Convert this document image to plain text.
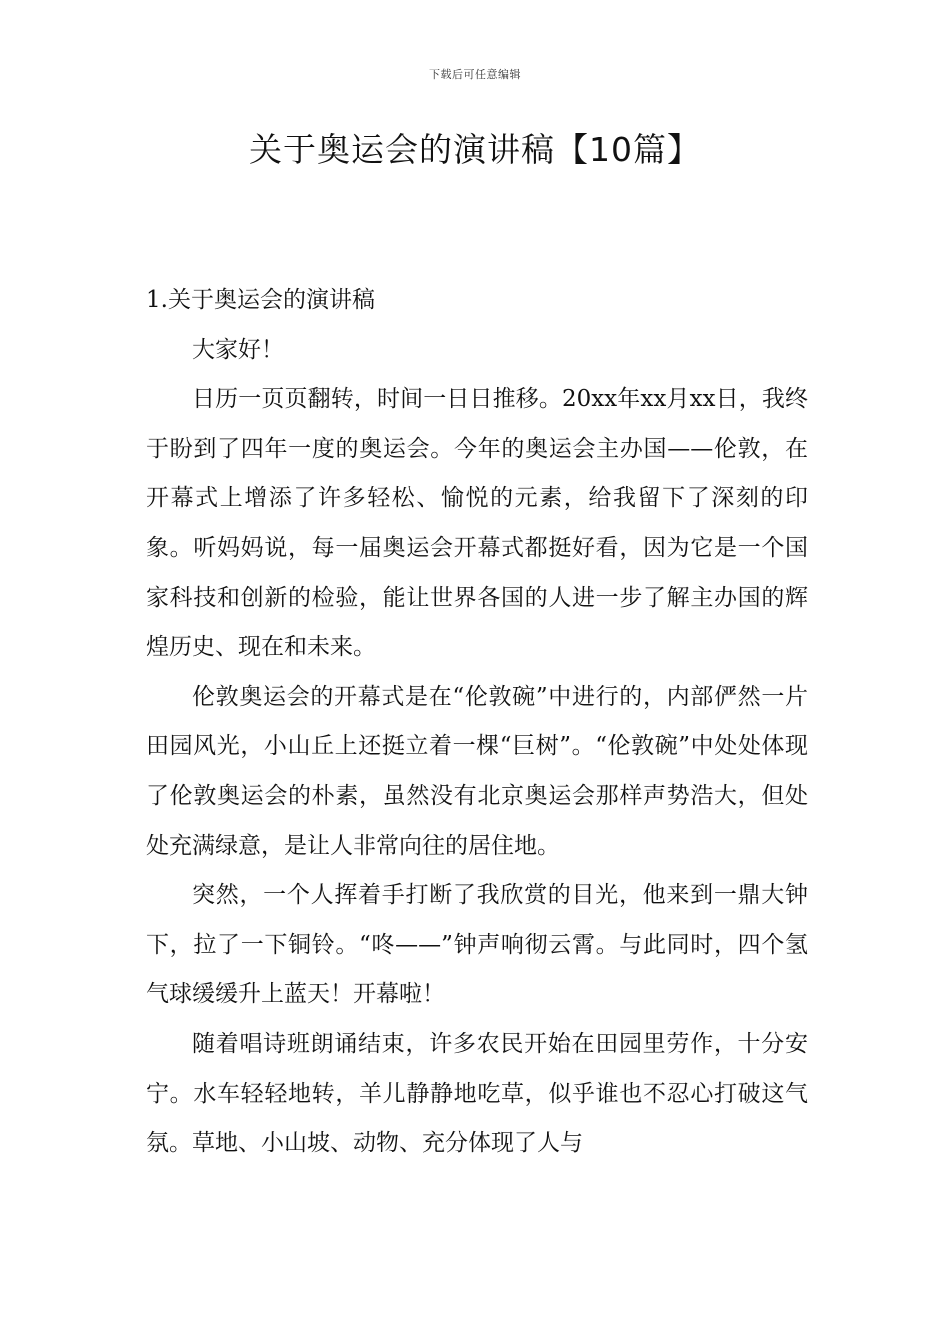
下载后可任意编辑
关于奥运会的演讲稿【10篇】
1.关于奥运会的演讲稿

大家好！

日历一页页翻转，时间一日日推移。20xx年xx月xx日，我终于盼到了四年一度的奥运会。今年的奥运会主办国——伦敦，在开幕式上增添了许多轻松、愉悦的元素，给我留下了深刻的印象。听妈妈说，每一届奥运会开幕式都挺好看，因为它是一个国家科技和创新的检验，能让世界各国的人进一步了解主办国的辉煌历史、现在和未来。

伦敦奥运会的开幕式是在“伦敦碗”中进行的，内部俨然一片田园风光，小山丘上还挺立着一棵“巨树”。“伦敦碗”中处处体现了伦敦奥运会的朴素，虽然没有北京奥运会那样声势浩大，但处处充满绿意，是让人非常向往的居住地。

突然，一个人挥着手打断了我欣赏的目光，他来到一鼎大钟下，拉了一下铜铃。“咚——”钟声响彻云霄。与此同时，四个氢气球缓缓升上蓝天！开幕啦！

随着唱诗班朗诵结束，许多农民开始在田园里劳作，十分安宁。水车轻轻地转，羊儿静静地吃草，似乎谁也不忍心打破这气氛。草地、小山坡、动物、充分体现了人与
